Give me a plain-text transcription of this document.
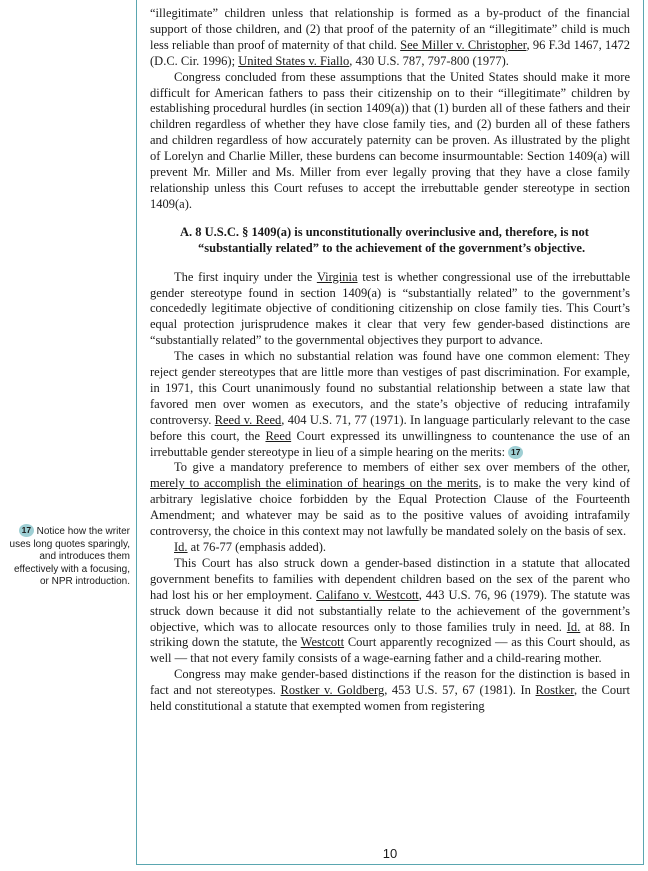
17 Notice how the writer uses long quotes sparingly, and introduces them effectively with a focusing, or NPR introduction.

“illegitimate” children unless that relationship is formed as a by-product of the financial support of those children, and (2) that proof of the paternity of an “illegitimate” child is much less reliable than proof of maternity of that child. See Miller v. Christopher, 96 F.3d 1467, 1472 (D.C. Cir. 1996); United States v. Fiallo, 430 U.S. 787, 797-800 (1977).

Congress concluded from these assumptions that the United States should make it more difficult for American fathers to pass their citizenship on to their “illegitimate” children by establishing procedural hurdles (in section 1409(a)) that (1) burden all of these fathers and their children regardless of whether they have close family ties, and (2) burden all of these fathers and children regardless of how accurately paternity can be proven. As illustrated by the plight of Lorelyn and Charlie Miller, these burdens can become insurmountable: Section 1409(a) will prevent Mr. Miller and Ms. Miller from ever legally proving that they have a close family relationship unless this Court refuses to accept the irrebuttable gender stereotype in section 1409(a).

A. 8 U.S.C. § 1409(a) is unconstitutionally overinclusive and, therefore, is not “substantially related” to the achievement of the government’s objective.

The first inquiry under the Virginia test is whether congressional use of the irrebuttable gender stereotype found in section 1409(a) is “substantially related” to the government’s concededly legitimate objective of conditioning citizenship on close family ties. This Court’s equal protection jurisprudence makes it clear that very few gender-based distinctions are “substantially related” to the governmental objectives they purport to advance.

The cases in which no substantial relation was found have one common element: They reject gender stereotypes that are little more than vestiges of past discrimination. For example, in 1971, this Court unanimously found no substantial relationship between a state law that favored men over women as executors, and the state’s objective of reducing intrafamily controversy. Reed v. Reed, 404 U.S. 71, 77 (1971). In language particularly relevant to the case before this court, the Reed Court expressed its unwillingness to countenance the use of an irrebuttable gender stereotype in lieu of a simple hearing on the merits: 17

To give a mandatory preference to members of either sex over members of the other, merely to accomplish the elimination of hearings on the merits, is to make the very kind of arbitrary legislative choice forbidden by the Equal Protection Clause of the Fourteenth Amendment; and whatever may be said as to the positive values of avoiding intrafamily controversy, the choice in this context may not lawfully be mandated solely on the basis of sex.

Id. at 76-77 (emphasis added).

This Court has also struck down a gender-based distinction in a statute that allocated government benefits to families with dependent children based on the sex of the parent who had lost his or her employment. Califano v. Westcott, 443 U.S. 76, 96 (1979). The statute was struck down because it did not substantially relate to the achievement of the government’s objective, which was to allocate resources only to those families truly in need. Id. at 88. In striking down the statute, the Westcott Court apparently recognized — as this Court should, as well — that not every family consists of a wage-earning father and a child-rearing mother.

Congress may make gender-based distinctions if the reason for the distinction is based in fact and not stereotypes. Rostker v. Goldberg, 453 U.S. 57, 67 (1981). In Rostker, the Court held constitutional a statute that exempted women from registering

10
